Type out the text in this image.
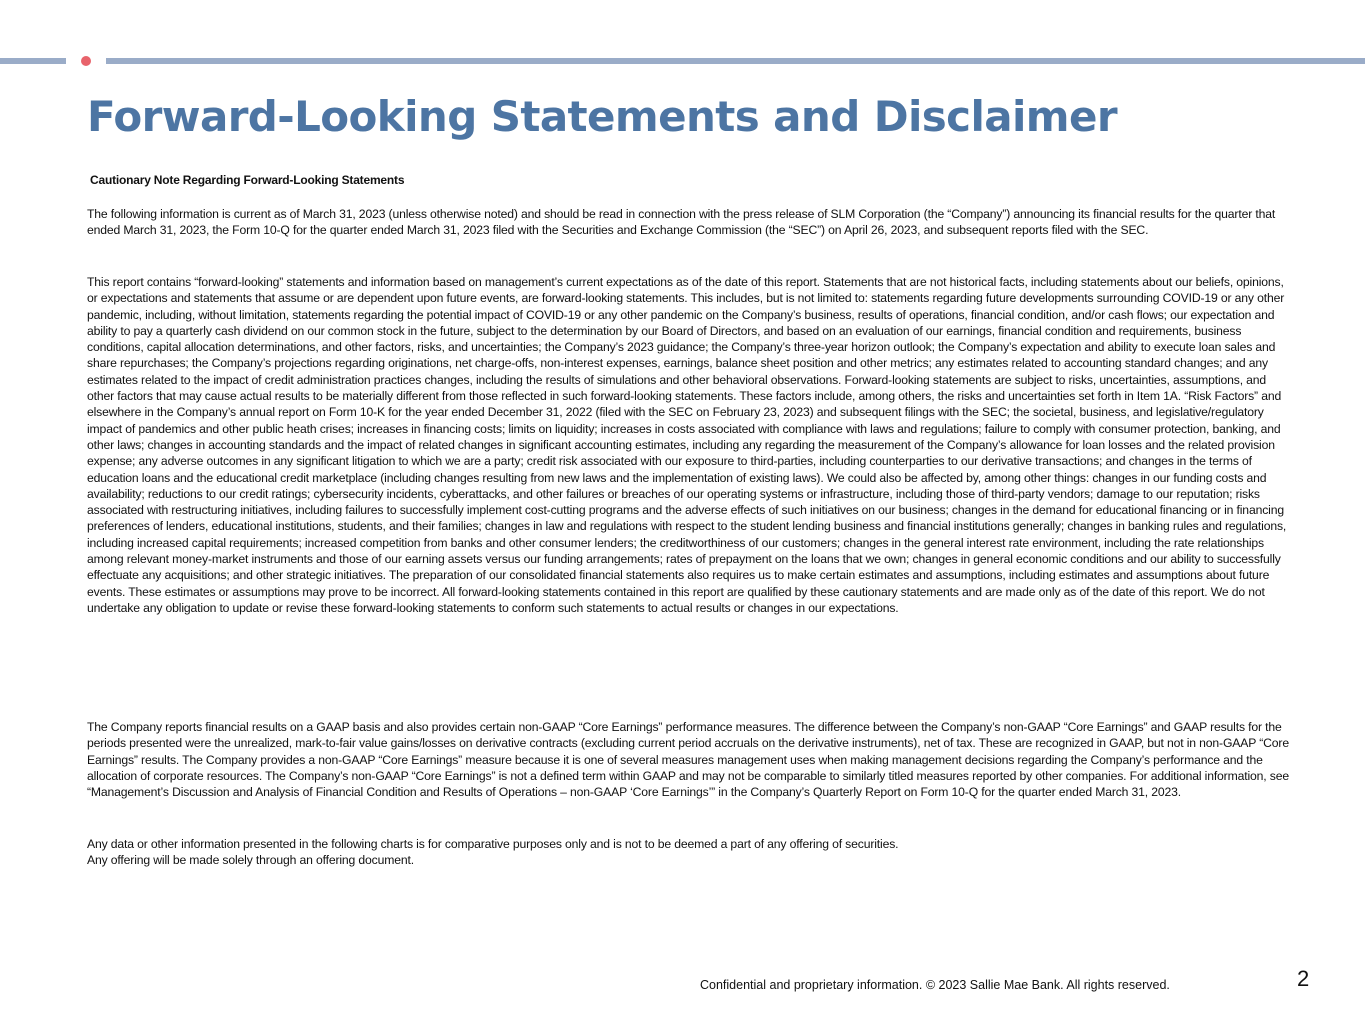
Forward-Looking Statements and Disclaimer
Cautionary Note Regarding Forward-Looking Statements

The following information is current as of March 31, 2023 (unless otherwise noted) and should be read in connection with the press release of SLM Corporation (the “Company”) announcing its financial results for the quarter that ended March 31, 2023, the Form 10-Q for the quarter ended March 31, 2023 filed with the Securities and Exchange Commission (the “SEC”) on April 26, 2023, and subsequent reports filed with the SEC.

This report contains “forward-looking” statements and information based on management’s current expectations as of the date of this report. Statements that are not historical facts, including statements about our beliefs, opinions, or expectations and statements that assume or are dependent upon future events, are forward-looking statements. This includes, but is not limited to: statements regarding future developments surrounding COVID-19 or any other pandemic, including, without limitation, statements regarding the potential impact of COVID-19 or any other pandemic on the Company’s business, results of operations, financial condition, and/or cash flows; our expectation and ability to pay a quarterly cash dividend on our common stock in the future, subject to the determination by our Board of Directors, and based on an evaluation of our earnings, financial condition and requirements, business conditions, capital allocation determinations, and other factors, risks, and uncertainties; the Company’s 2023 guidance; the Company’s three-year horizon outlook; the Company’s expectation and ability to execute loan sales and share repurchases; the Company’s projections regarding originations, net charge-offs, non-interest expenses, earnings, balance sheet position and other metrics; any estimates related to accounting standard changes; and any estimates related to the impact of credit administration practices changes, including the results of simulations and other behavioral observations. Forward-looking statements are subject to risks, uncertainties, assumptions, and other factors that may cause actual results to be materially different from those reflected in such forward-looking statements. These factors include, among others, the risks and uncertainties set forth in Item 1A. “Risk Factors” and elsewhere in the Company’s annual report on Form 10-K for the year ended December 31, 2022 (filed with the SEC on February 23, 2023) and subsequent filings with the SEC; the societal, business, and legislative/regulatory impact of pandemics and other public heath crises; increases in financing costs; limits on liquidity; increases in costs associated with compliance with laws and regulations; failure to comply with consumer protection, banking, and other laws; changes in accounting standards and the impact of related changes in significant accounting estimates, including any regarding the measurement of the Company’s allowance for loan losses and the related provision expense; any adverse outcomes in any significant litigation to which we are a party; credit risk associated with our exposure to third-parties, including counterparties to our derivative transactions; and changes in the terms of education loans and the educational credit marketplace (including changes resulting from new laws and the implementation of existing laws). We could also be affected by, among other things: changes in our funding costs and availability; reductions to our credit ratings; cybersecurity incidents, cyberattacks, and other failures or breaches of our operating systems or infrastructure, including those of third-party vendors; damage to our reputation; risks associated with restructuring initiatives, including failures to successfully implement cost-cutting programs and the adverse effects of such initiatives on our business; changes in the demand for educational financing or in financing preferences of lenders, educational institutions, students, and their families; changes in law and regulations with respect to the student lending business and financial institutions generally; changes in banking rules and regulations, including increased capital requirements; increased competition from banks and other consumer lenders; the creditworthiness of our customers; changes in the general interest rate environment, including the rate relationships among relevant money-market instruments and those of our earning assets versus our funding arrangements; rates of prepayment on the loans that we own; changes in general economic conditions and our ability to successfully effectuate any acquisitions; and other strategic initiatives. The preparation of our consolidated financial statements also requires us to make certain estimates and assumptions, including estimates and assumptions about future events. These estimates or assumptions may prove to be incorrect. All forward-looking statements contained in this report are qualified by these cautionary statements and are made only as of the date of this report. We do not undertake any obligation to update or revise these forward-looking statements to conform such statements to actual results or changes in our expectations.

The Company reports financial results on a GAAP basis and also provides certain non-GAAP “Core Earnings” performance measures. The difference between the Company’s non-GAAP “Core Earnings” and GAAP results for the periods presented were the unrealized, mark-to-fair value gains/losses on derivative contracts (excluding current period accruals on the derivative instruments), net of tax. These are recognized in GAAP, but not in non-GAAP “Core Earnings” results. The Company provides a non-GAAP “Core Earnings” measure because it is one of several measures management uses when making management decisions regarding the Company’s performance and the allocation of corporate resources. The Company’s non-GAAP “Core Earnings” is not a defined term within GAAP and may not be comparable to similarly titled measures reported by other companies. For additional information, see “Management’s Discussion and Analysis of Financial Condition and Results of Operations – non-GAAP ‘Core Earnings’” in the Company’s Quarterly Report on Form 10-Q for the quarter ended March 31, 2023.

Any data or other information presented in the following charts is for comparative purposes only and is not to be deemed a part of any offering of securities.
Any offering will be made solely through an offering document.
Confidential and proprietary information. © 2023 Sallie Mae Bank. All rights reserved.	2
